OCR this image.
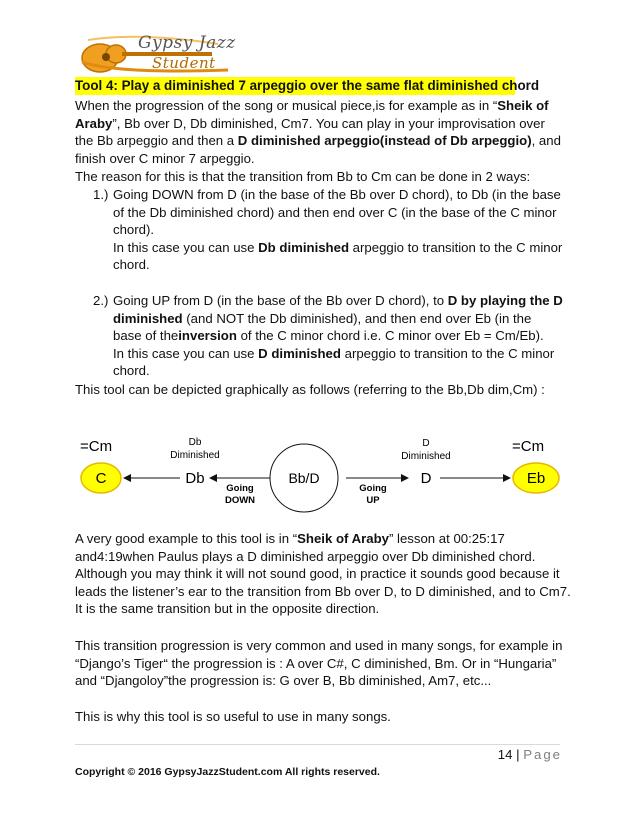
Gypsy Jazz
Student
Tool 4: Play a diminished 7 arpeggio over the same flat diminished chord
When the progression of the song or musical piece,is for example as in “Sheik of Araby”, Bb over D, Db diminished, Cm7. You can play in your improvisation over the Bb arpeggio and then a D diminished arpeggio(instead of Db arpeggio), and finish over C minor 7 arpeggio.
The reason for this is that the transition from Bb to Cm can be done in 2 ways:
1.) Going DOWN from D (in the base of the Bb over D chord), to Db (in the base of the Db diminished chord) and then end over C (in the base of the C minor chord).
In this case you can use Db diminished arpeggio to transition to the C minor chord.
2.) Going UP from D (in the base of the Bb over D chord), to D by playing the D diminished (and NOT the Db diminished), and then end over Eb (in the base of theinversion of the C minor chord i.e. C minor over Eb = Cm/Eb).
In this case you can use D diminished arpeggio to transition to the C minor chord.
This tool can be depicted graphically as follows (referring to the Bb,Db dim,Cm) :
=Cm
C
Db
Diminished
Db
Going
DOWN
Bb/D
Going
UP
D
Diminished
D
=Cm
Eb
A very good example to this tool is in “Sheik of Araby” lesson at 00:25:17 and4:19when Paulus plays a D diminished arpeggio over Db diminished chord. Although you may think it will not sound good, in practice it sounds good because it leads the listener’s ear to the transition from Bb over D, to D diminished, and to Cm7. It is the same transition but in the opposite direction.
This transition progression is very common and used in many songs, for example in “Django’s Tiger“ the progression is : A over C#, C diminished, Bm. Or in “Hungaria” and “Djangoloy”the progression is: G over B, Bb diminished, Am7, etc...
This is why this tool is so useful to use in many songs.
14 | Page
Copyright © 2016 GypsyJazzStudent.com All rights reserved.
